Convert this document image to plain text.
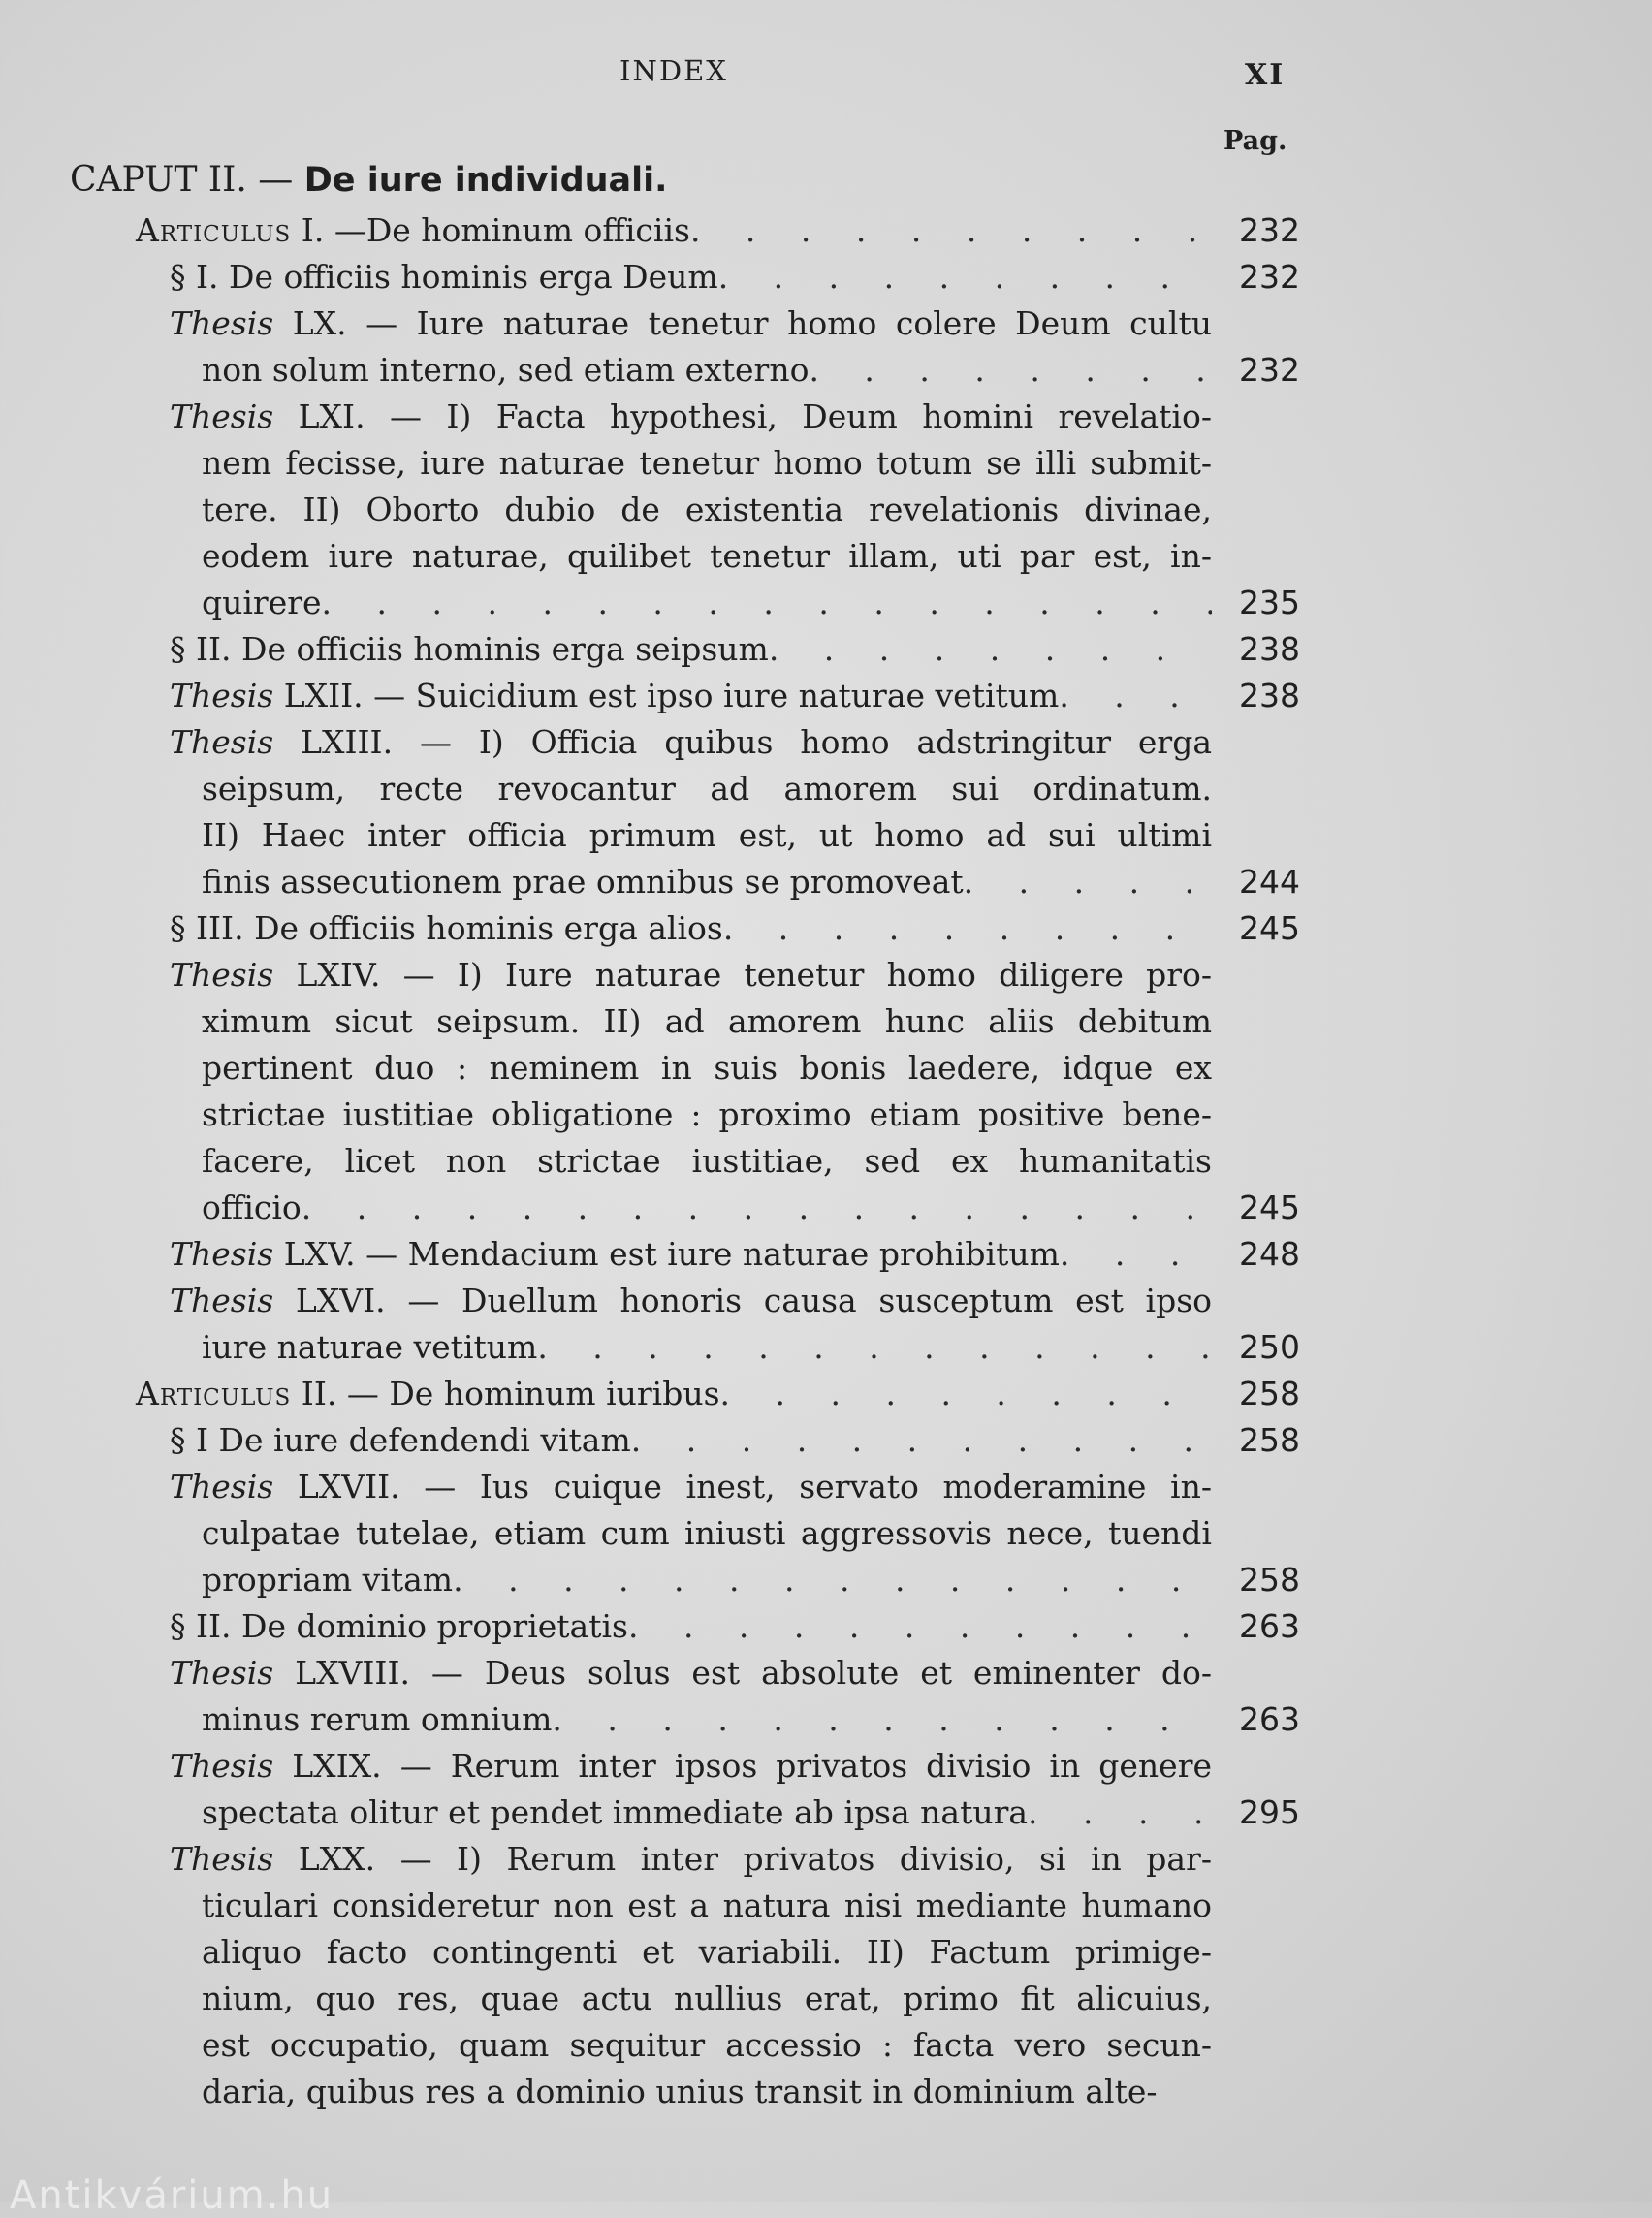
INDEX	XI
Pag.
CAPUT II. — De iure individuali.
Articulus I. —De hominum officiis . .	232
§ I. De officiis hominis erga Deum . .	232
Thesis LX. — Iure naturae tenetur homo colere Deum cultu
non solum interno, sed etiam externo . .	232
Thesis LXI. — I) Facta hypothesi, Deum homini revelatio-
nem fecisse, iure naturae tenetur homo totum se illi submit-
tere. II) Oborto dubio de existentia revelationis divinae,
eodem iure naturae, quilibet tenetur illam, uti par est, in-
quirere . .	235
§ II. De officiis hominis erga seipsum . .	238
Thesis LXII. — Suicidium est ipso iure naturae vetitum . .	238
Thesis LXIII. — I) Officia quibus homo adstringitur erga
seipsum, recte revocantur ad amorem sui ordinatum.
II) Haec inter officia primum est, ut homo ad sui ultimi
finis assecutionem prae omnibus se promoveat . .	244
§ III. De officiis hominis erga alios . .	245
Thesis LXIV. — I) Iure naturae tenetur homo diligere pro-
ximum sicut seipsum. II) ad amorem hunc aliis debitum
pertinent duo : neminem in suis bonis laedere, idque ex
strictae iustitiae obligatione : proximo etiam positive bene-
facere, licet non strictae iustitiae, sed ex humanitatis
officio . .	245
Thesis LXV. — Mendacium est iure naturae prohibitum . .	248
Thesis LXVI. — Duellum honoris causa susceptum est ipso
iure naturae vetitum . .	250
Articulus II. — De hominum iuribus . .	258
§ I De iure defendendi vitam . .	258
Thesis LXVII. — Ius cuique inest, servato moderamine in-
culpatae tutelae, etiam cum iniusti aggressovis nece, tuendi
propriam vitam . .	258
§ II. De dominio proprietatis . .	263
Thesis LXVIII. — Deus solus est absolute et eminenter do-
minus rerum omnium . .	263
Thesis LXIX. — Rerum inter ipsos privatos divisio in genere
spectata olitur et pendet immediate ab ipsa natura . .	295
Thesis LXX. — I) Rerum inter privatos divisio, si in par-
ticulari consideretur non est a natura nisi mediante humano
aliquo facto contingenti et variabili. II) Factum primige-
nium, quo res, quae actu nullius erat, primo fit alicuius,
est occupatio, quam sequitur accessio : facta vero secun-
daria, quibus res a dominio unius transit in dominium alte-
Antikvárium.hu
